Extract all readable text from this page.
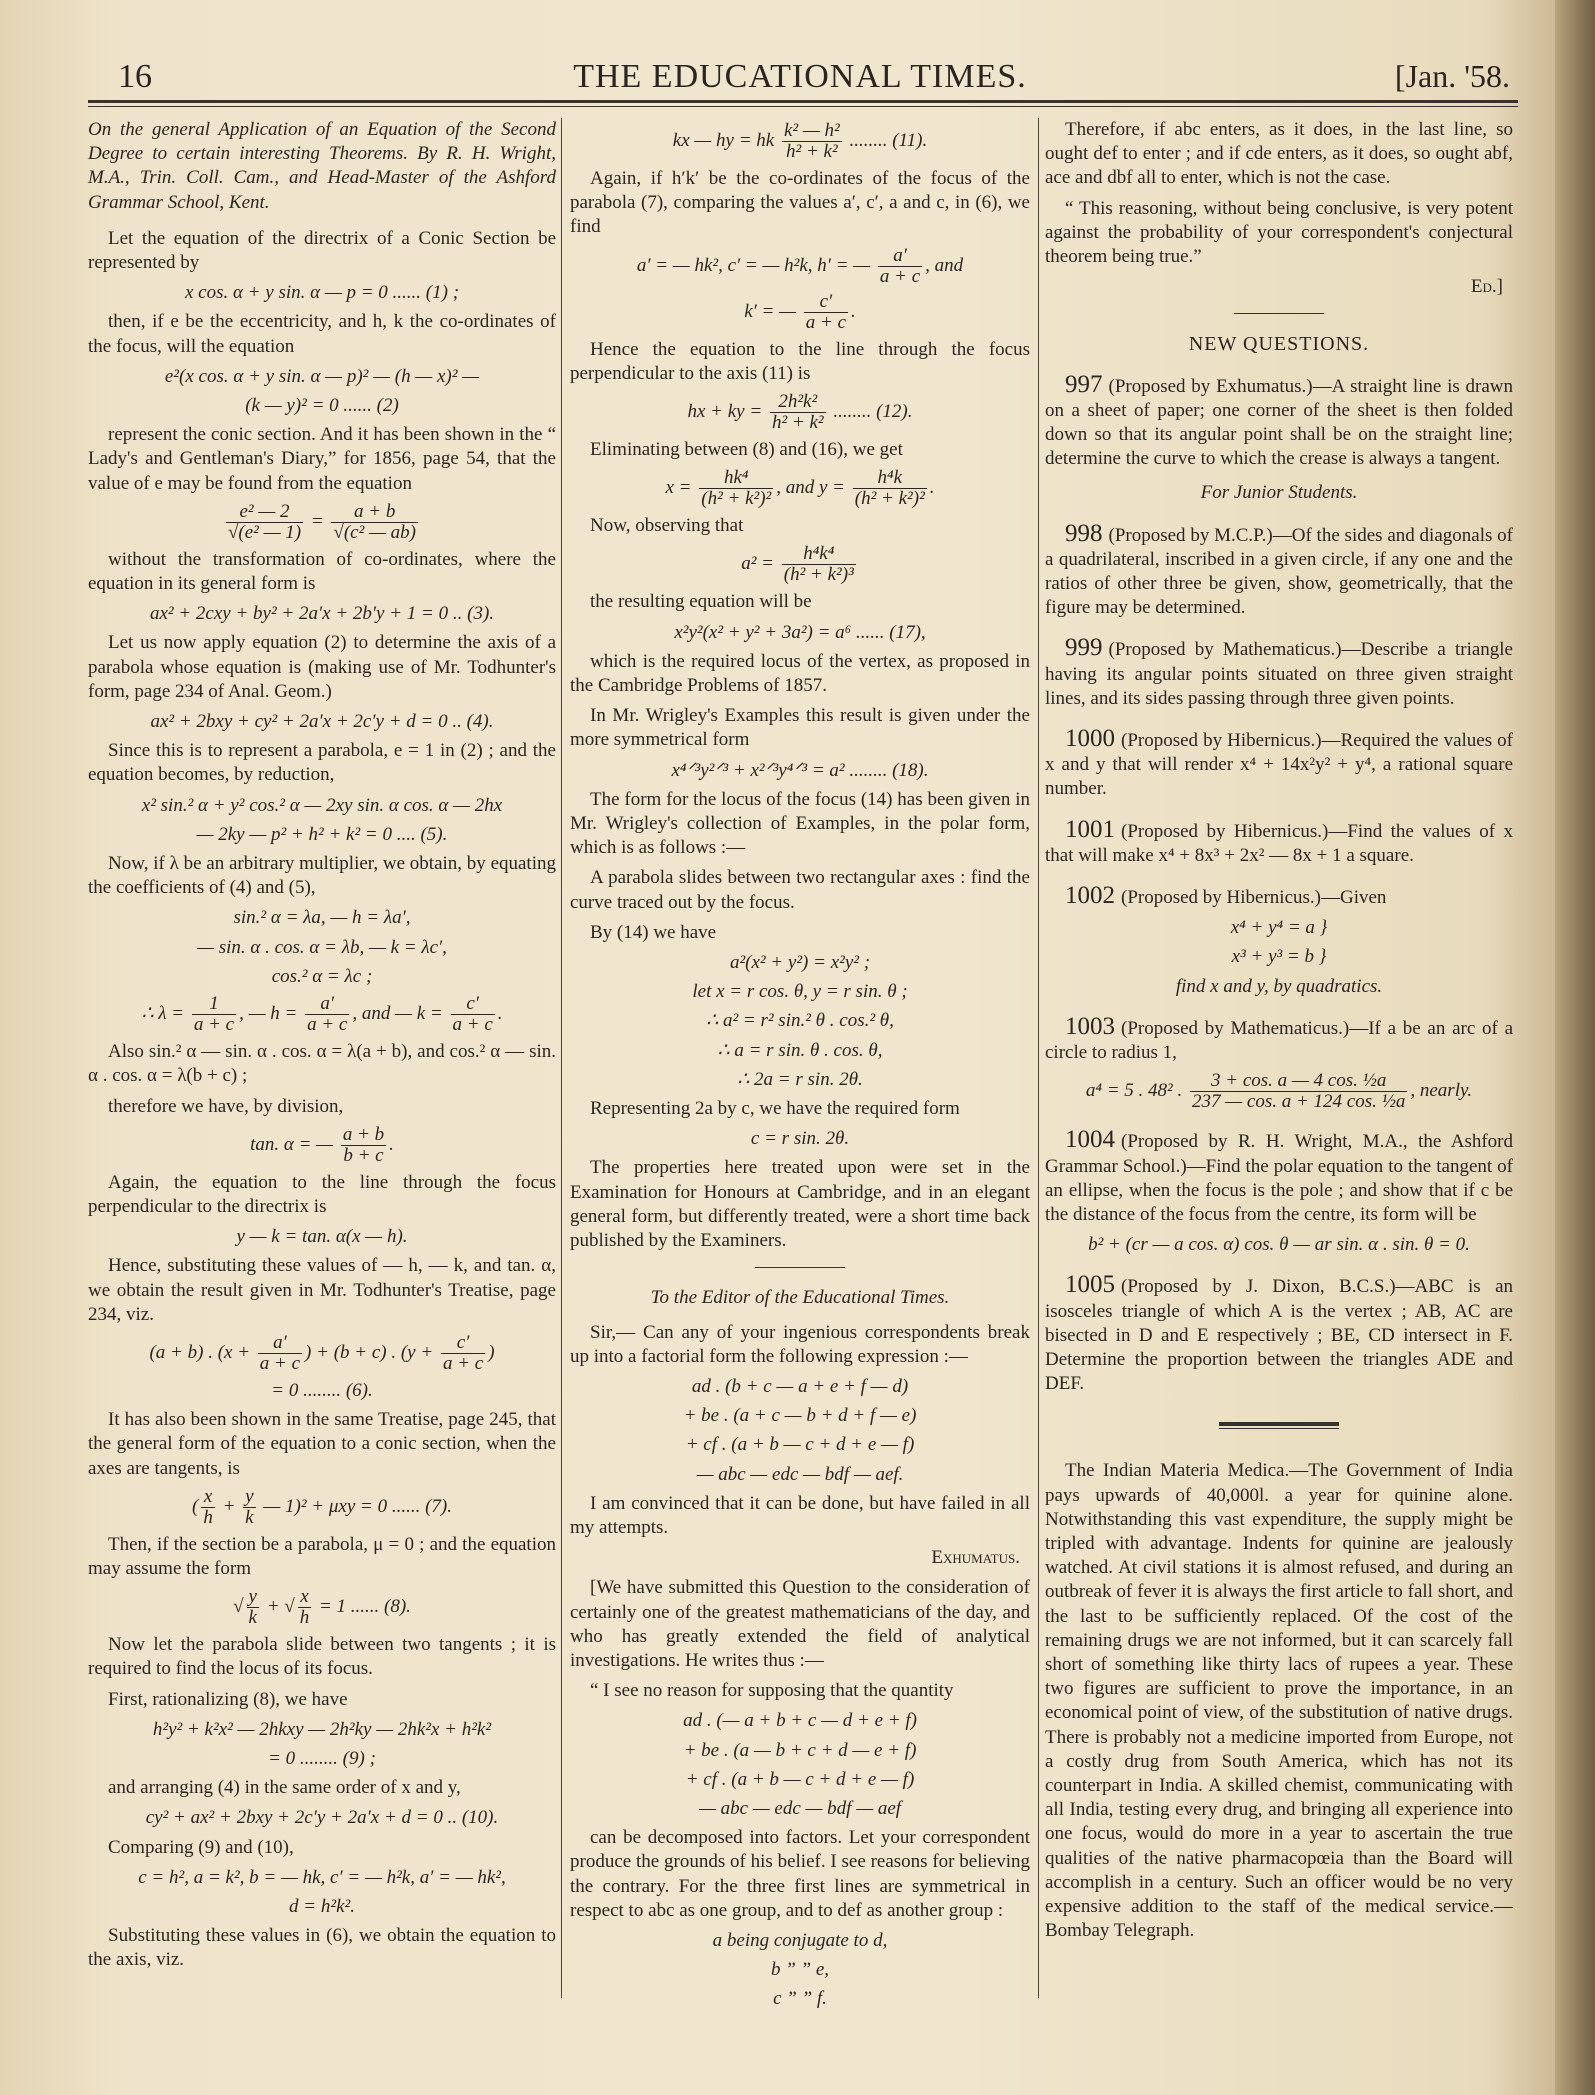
16	THE EDUCATIONAL TIMES.	[Jan. '58.

On the general Application of an Equation of the Second Degree to certain interesting Theorems. By R. H. Wright, M.A., Trin. Coll. Cam., and Head-Master of the Ashford Grammar School, Kent.

Let the equation of the directrix of a Conic Section be represented by

x cos. α + y sin. α — p = 0 ...... (1) ;

then, if e be the eccentricity, and h, k the co-ordinates of the focus, will the equation

e²(x cos. α + y sin. α — p)² — (h — x)² —
(k — y)² = 0 ...... (2)

represent the conic section. And it has been shown in the “ Lady's and Gentleman's Diary,” for 1856, page 54, that the value of e may be found from the equation

$\frac{\text{e² — 2}}{\text{√(e² — 1)}} = \frac{a + b}{\text{√(c² — ab)}}$

without the transformation of co-ordinates, where the equation in its general form is

ax² + 2cxy + by² + 2a′x + 2b′y + 1 = 0 .. (3).

Let us now apply equation (2) to determine the axis of a parabola whose equation is (making use of Mr. Todhunter's form, page 234 of Anal. Geom.)

ax² + 2bxy + cy² + 2a′x + 2c′y + d = 0 .. (4).

Since this is to represent a parabola, e = 1 in (2) ; and the equation becomes, by reduction,

x² sin.² α + y² cos.² α — 2xy sin. α cos. α — 2hx
— 2ky — p² + h² + k² = 0 .... (5).

Now, if λ be an arbitrary multiplier, we obtain, by equating the coefficients of (4) and (5),

sin.² α = λa, — h = λa′,
— sin. α . cos. α = λb, — k = λc′,
cos.² α = λc ;
∴ $\lambda = \frac{1}{a + c}$ , — $h = \frac{a'}{a + c}$ , and — $k = \frac{c'}{a + c}$ .

Also sin.² α — sin. α . cos. α = λ(a + b), and cos.² α — sin. α . cos. α = λ(b + c) ;

therefore we have, by division,

tan. α = — $\frac{a + b}{b + c}$ .

Again, the equation to the line through the focus perpendicular to the directrix is

y — k = tan. α(x — h).

Hence, substituting these values of — h, — k, and tan. α, we obtain the result given in Mr. Todhunter's Treatise, page 234, viz.

(a + b) . ($x + \frac{a'}{a + c}$ ) + (b + c) . ($y + \frac{c'}{a + c}$ )
= 0 ........ (6).

It has also been shown in the same Treatise, page 245, that the general form of the equation to a conic section, when the axes are tangents, is

( $\frac{x}{h} + \frac{y}{k}$ — 1)² + μxy = 0 ...... (7).

Then, if the section be a parabola, μ = 0 ; and the equation may assume the form

√ $\frac{y}{k}$ + √ $\frac{x}{h} = 1$ ...... (8).

Now let the parabola slide between two tangents ; it is required to find the locus of its focus.

First, rationalizing (8), we have

h²y² + k²x² — 2hkxy — 2h²ky — 2hk²x + h²k²
= 0 ........ (9) ;

and arranging (4) in the same order of x and y,

cy² + ax² + 2bxy + 2c′y + 2a′x + d = 0 .. (10).

Comparing (9) and (10),

c = h², a = k², b = — hk, c′ = — h²k, a′ = — hk²,
d = h²k².

Substituting these values in (6), we obtain the equation to the axis, viz.

kx — hy = hk $\frac{\text{k² — h²}}{\text{h² + k²}}$ ........ (11).

Again, if h′k′ be the co-ordinates of the focus of the parabola (7), comparing the values a′, c′, a and c, in (6), we find

a′ = — hk², c′ = — h²k, h′ = — $\frac{a'}{a + c}$ , and
k′ = — $\frac{c'}{a + c}$ .

Hence the equation to the line through the focus perpendicular to the axis (11) is

hx + ky = $\frac{\text{2h²k²}}{\text{h² + k²}}$ ........ (12).

Eliminating between (8) and (16), we get

$x = \frac{\text{hk⁴}}{\text{(h² + k²)²}}$ , and $y = \frac{\text{h⁴k}}{\text{(h² + k²)²}}$ .

Now, observing that

$a^2 = \frac{\text{h⁴k⁴}}{\text{(h² + k²)³}}$

the resulting equation will be

x²y²(x² + y² + 3a²) = a⁶ ...... (17),

which is the required locus of the vertex, as proposed in the Cambridge Problems of 1857.

In Mr. Wrigley's Examples this result is given under the more symmetrical form

x⁴ᐟ³y²ᐟ³ + x²ᐟ³y⁴ᐟ³ = a² ........ (18).

The form for the locus of the focus (14) has been given in Mr. Wrigley's collection of Examples, in the polar form, which is as follows :—

A parabola slides between two rectangular axes : find the curve traced out by the focus.

By (14) we have

a²(x² + y²) = x²y² ;
let x = r cos. θ, y = r sin. θ ;
∴ a² = r² sin.² θ . cos.² θ,
∴ a = r sin. θ . cos. θ,
∴ 2a = r sin. 2θ.

Representing 2a by c, we have the required form

c = r sin. 2θ.

The properties here treated upon were set in the Examination for Honours at Cambridge, and in an elegant general form, but differently treated, were a short time back published by the Examiners.

To the Editor of the Educational Times.

Sir,— Can any of your ingenious correspondents break up into a factorial form the following expression :—

ad . (b + c — a + e + f — d)
+ be . (a + c — b + d + f — e)
+ cf . (a + b — c + d + e — f)
— abc — edc — bdf — aef.

I am convinced that it can be done, but have failed in all my attempts.

Exhumatus.

[We have submitted this Question to the consideration of certainly one of the greatest mathematicians of the day, and who has greatly extended the field of analytical investigations. He writes thus :—

“ I see no reason for supposing that the quantity

ad . (— a + b + c — d + e + f)
+ be . (a — b + c + d — e + f)
+ cf . (a + b — c + d + e — f)
— abc — edc — bdf — aef

can be decomposed into factors. Let your correspondent produce the grounds of his belief. I see reasons for believing the contrary. For the three first lines are symmetrical in respect to abc as one group, and to def as another group :

a being conjugate to d,
b ” ” e,
c ” ” f.

Therefore, if abc enters, as it does, in the last line, so ought def to enter ; and if cde enters, as it does, so ought abf, ace and dbf all to enter, which is not the case.

“ This reasoning, without being conclusive, is very potent against the probability of your correspondent's conjectural theorem being true.”

Ed.]
NEW QUESTIONS.

997 (Proposed by Exhumatus.)—A straight line is drawn on a sheet of paper; one corner of the sheet is then folded down so that its angular point shall be on the straight line; determine the curve to which the crease is always a tangent.

For Junior Students.

998 (Proposed by M.C.P.)—Of the sides and diagonals of a quadrilateral, inscribed in a given circle, if any one and the ratios of other three be given, show, geometrically, that the figure may be determined.

999 (Proposed by Mathematicus.)—Describe a triangle having its angular points situated on three given straight lines, and its sides passing through three given points.

1000 (Proposed by Hibernicus.)—Required the values of x and y that will render x⁴ + 14x²y² + y⁴, a rational square number.

1001 (Proposed by Hibernicus.)—Find the values of x that will make x⁴ + 8x³ + 2x² — 8x + 1 a square.

1002 (Proposed by Hibernicus.)—Given

x⁴ + y⁴ = a }
x³ + y³ = b }
find x and y, by quadratics.

1003 (Proposed by Mathematicus.)—If a be an arc of a circle to radius 1,

a⁴ = 5 . 48² . $\frac{\text{3 + cos. a — 4 cos. ½a}}{\text{237 — cos. a + 124 cos. ½a}}$ , nearly.

1004 (Proposed by R. H. Wright, M.A., the Ashford Grammar School.)—Find the polar equation to the tangent of an ellipse, when the focus is the pole ; and show that if c be the distance of the focus from the centre, its form will be

b² + (cr — a cos. α) cos. θ — ar sin. α . sin. θ = 0.

1005 (Proposed by J. Dixon, B.C.S.)—ABC is an isosceles triangle of which A is the vertex ; AB, AC are bisected in D and E respectively ; BE, CD intersect in F. Determine the proportion between the triangles ADE and DEF.

The Indian Materia Medica.—The Government of India pays upwards of 40,000l. a year for quinine alone. Notwithstanding this vast expenditure, the supply might be tripled with advantage. Indents for quinine are jealously watched. At civil stations it is almost refused, and during an outbreak of fever it is always the first article to fall short, and the last to be sufficiently replaced. Of the cost of the remaining drugs we are not informed, but it can scarcely fall short of something like thirty lacs of rupees a year. These two figures are sufficient to prove the importance, in an economical point of view, of the substitution of native drugs. There is probably not a medicine imported from Europe, not a costly drug from South America, which has not its counterpart in India. A skilled chemist, communicating with all India, testing every drug, and bringing all experience into one focus, would do more in a year to ascertain the true qualities of the native pharmacopœia than the Board will accomplish in a century. Such an officer would be no very expensive addition to the staff of the medical service.—Bombay Telegraph.
